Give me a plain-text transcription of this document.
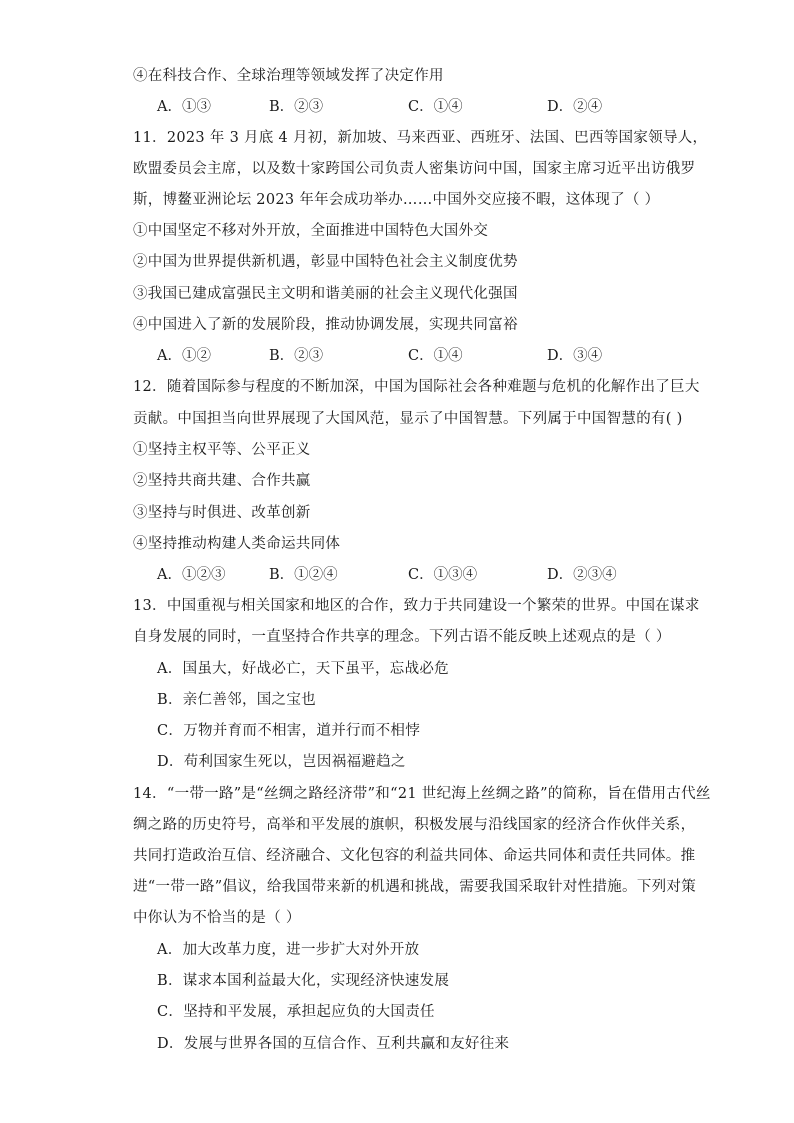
④在科技合作、全球治理等领域发挥了决定作用
A．①③	B．②③	C．①④	D．②④
11．2023 年 3 月底 4 月初，新加坡、马来西亚、西班牙、法国、巴西等国家领导人，
欧盟委员会主席，以及数十家跨国公司负责人密集访问中国，国家主席习近平出访俄罗
斯，博鳌亚洲论坛 2023 年年会成功举办……中国外交应接不暇，这体现了（ ）
①中国坚定不移对外开放，全面推进中国特色大国外交
②中国为世界提供新机遇，彰显中国特色社会主义制度优势
③我国已建成富强民主文明和谐美丽的社会主义现代化强国
④中国进入了新的发展阶段，推动协调发展，实现共同富裕
A．①②	B．②③	C．①④	D．③④
12．随着国际参与程度的不断加深，中国为国际社会各种难题与危机的化解作出了巨大
贡献。中国担当向世界展现了大国风范，显示了中国智慧。下列属于中国智慧的有( )
①坚持主权平等、公平正义
②坚持共商共建、合作共赢
③坚持与时俱进、改革创新
④坚持推动构建人类命运共同体
A．①②③	B．①②④	C．①③④	D．②③④
13．中国重视与相关国家和地区的合作，致力于共同建设一个繁荣的世界。中国在谋求
自身发展的同时，一直坚持合作共享的理念。下列古语不能反映上述观点的是（ ）
A．国虽大，好战必亡，天下虽平，忘战必危
B．亲仁善邻，国之宝也
C．万物并育而不相害，道并行而不相悖
D．苟利国家生死以，岂因祸福避趋之
14．“一带一路”是“丝绸之路经济带”和“21 世纪海上丝绸之路”的简称，旨在借用古代丝
绸之路的历史符号，高举和平发展的旗帜，积极发展与沿线国家的经济合作伙伴关系，
共同打造政治互信、经济融合、文化包容的利益共同体、命运共同体和责任共同体。推
进“一带一路”倡议，给我国带来新的机遇和挑战，需要我国采取针对性措施。下列对策
中你认为不恰当的是（ ）
A．加大改革力度，进一步扩大对外开放
B．谋求本国利益最大化，实现经济快速发展
C．坚持和平发展，承担起应负的大国责任
D．发展与世界各国的互信合作、互利共赢和友好往来
